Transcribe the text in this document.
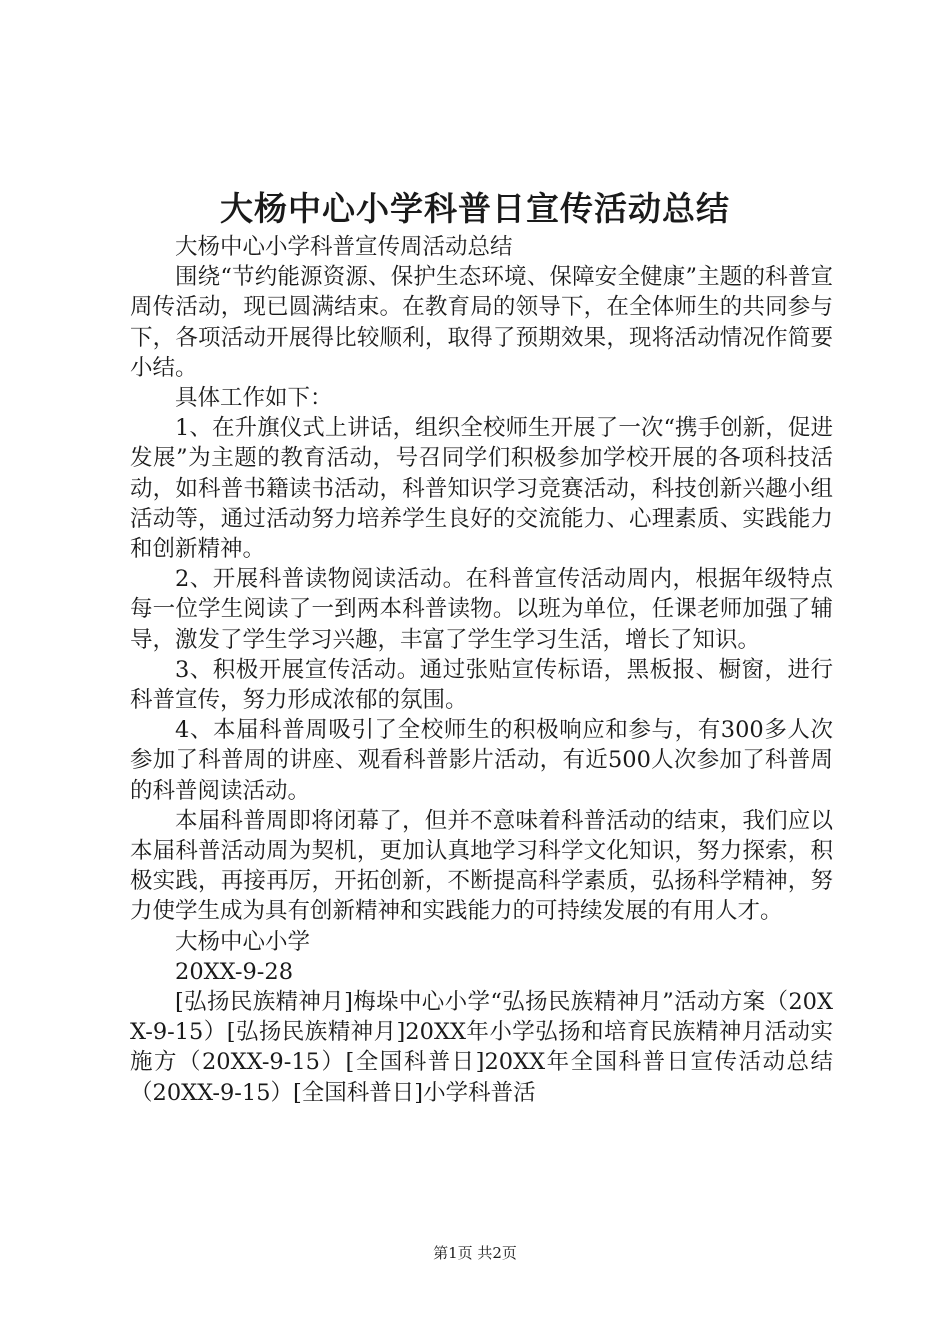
大杨中心小学科普日宣传活动总结

大杨中心小学科普宣传周活动总结

围绕“节约能源资源、保护生态环境、保障安全健康”主题的科普宣周传活动，现已圆满结束。在教育局的领导下，在全体师生的共同参与下，各项活动开展得比较顺利，取得了预期效果，现将活动情况作简要小结。

具体工作如下：

1、在升旗仪式上讲话，组织全校师生开展了一次“携手创新，促进发展”为主题的教育活动，号召同学们积极参加学校开展的各项科技活动，如科普书籍读书活动，科普知识学习竞赛活动，科技创新兴趣小组活动等，通过活动努力培养学生良好的交流能力、心理素质、实践能力和创新精神。

2、开展科普读物阅读活动。在科普宣传活动周内，根据年级特点每一位学生阅读了一到两本科普读物。以班为单位，任课老师加强了辅导，激发了学生学习兴趣，丰富了学生学习生活，增长了知识。

3、积极开展宣传活动。通过张贴宣传标语，黑板报、橱窗，进行科普宣传，努力形成浓郁的氛围。

4、本届科普周吸引了全校师生的积极响应和参与，有300多人次参加了科普周的讲座、观看科普影片活动，有近500人次参加了科普周的科普阅读活动。

本届科普周即将闭幕了，但并不意味着科普活动的结束，我们应以本届科普活动周为契机，更加认真地学习科学文化知识，努力探索，积极实践，再接再厉，开拓创新，不断提高科学素质，弘扬科学精神，努力使学生成为具有创新精神和实践能力的可持续发展的有用人才。

大杨中心小学

20XX-9-28

[弘扬民族精神月]梅垛中心小学“弘扬民族精神月”活动方案（20XX-9-15）[弘扬民族精神月]20XX年小学弘扬和培育民族精神月活动实施方（20XX-9-15）[全国科普日]20XX年全国科普日宣传活动总结（20XX-9-15）[全国科普日]小学科普活

第1页 共2页
